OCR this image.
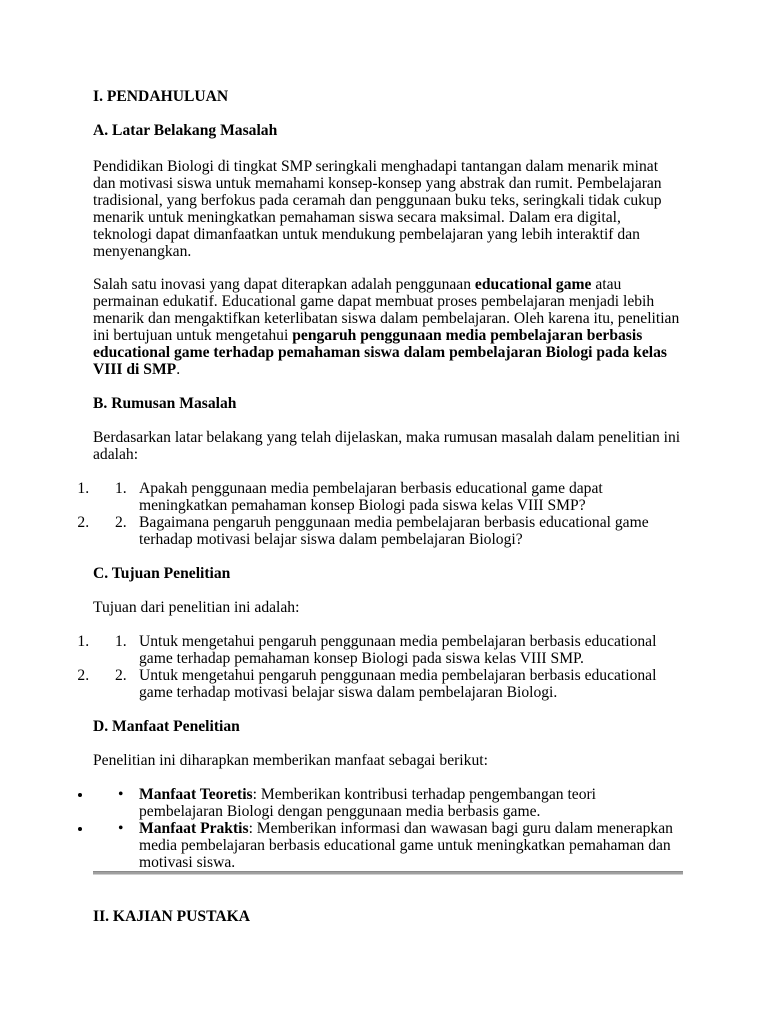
I. PENDAHULUAN
A. Latar Belakang Masalah

Pendidikan Biologi di tingkat SMP seringkali menghadapi tantangan dalam menarik minat dan motivasi siswa untuk memahami konsep-konsep yang abstrak dan rumit. Pembelajaran tradisional, yang berfokus pada ceramah dan penggunaan buku teks, seringkali tidak cukup menarik untuk meningkatkan pemahaman siswa secara maksimal. Dalam era digital, teknologi dapat dimanfaatkan untuk mendukung pembelajaran yang lebih interaktif dan menyenangkan.

Salah satu inovasi yang dapat diterapkan adalah penggunaan educational game atau permainan edukatif. Educational game dapat membuat proses pembelajaran menjadi lebih menarik dan mengaktifkan keterlibatan siswa dalam pembelajaran. Oleh karena itu, penelitian ini bertujuan untuk mengetahui pengaruh penggunaan media pembelajaran berbasis educational game terhadap pemahaman siswa dalam pembelajaran Biologi pada kelas VIII di SMP.

B. Rumusan Masalah

Berdasarkan latar belakang yang telah dijelaskan, maka rumusan masalah dalam penelitian ini adalah:

1. 1. Apakah penggunaan media pembelajaran berbasis educational game dapat meningkatkan pemahaman konsep Biologi pada siswa kelas VIII SMP?
2. 2. Bagaimana pengaruh penggunaan media pembelajaran berbasis educational game terhadap motivasi belajar siswa dalam pembelajaran Biologi?
C. Tujuan Penelitian

Tujuan dari penelitian ini adalah:

1. 1. Untuk mengetahui pengaruh penggunaan media pembelajaran berbasis educational game terhadap pemahaman konsep Biologi pada siswa kelas VIII SMP.
2. 2. Untuk mengetahui pengaruh penggunaan media pembelajaran berbasis educational game terhadap motivasi belajar siswa dalam pembelajaran Biologi.
D. Manfaat Penelitian

Penelitian ini diharapkan memberikan manfaat sebagai berikut:

• • Manfaat Teoretis: Memberikan kontribusi terhadap pengembangan teori pembelajaran Biologi dengan penggunaan media berbasis game.
• • Manfaat Praktis: Memberikan informasi dan wawasan bagi guru dalam menerapkan media pembelajaran berbasis educational game untuk meningkatkan pemahaman dan motivasi siswa.
II. KAJIAN PUSTAKA
